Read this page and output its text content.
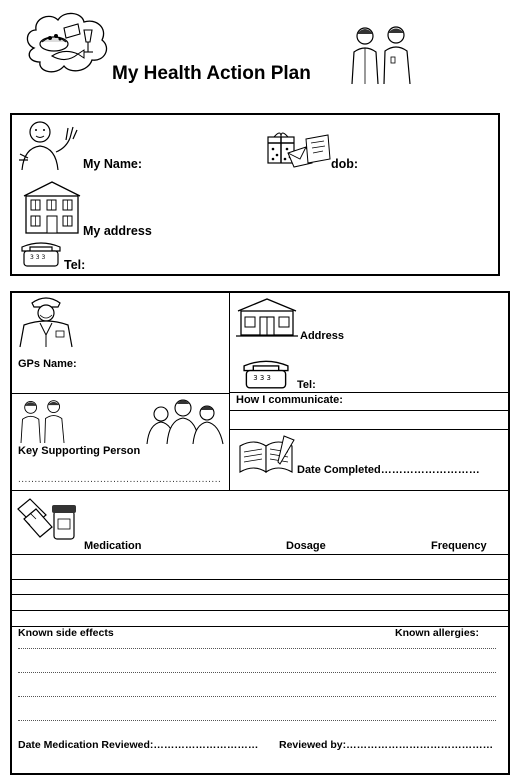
My Health Action Plan
My Name:	dob:
My address
3 3 3
Tel:
GPs Name:
Address
3 3 3
Tel:
Key Supporting Person
..............................................................
How I communicate:
Date Completed………………………
Medication	Dosage	Frequency
Known side effects	Known allergies:
Date Medication Reviewed:………………………… Reviewed by:……………………………………
